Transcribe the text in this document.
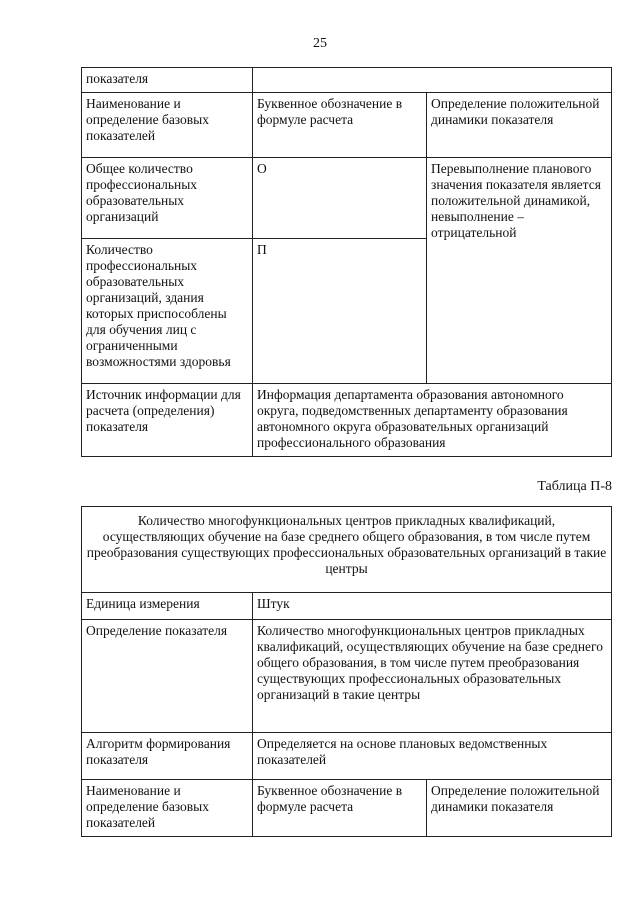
25
показателя		
Наименование и определение базовых показателей	Буквенное обозначение в формуле расчета	Определение положительной динамики показателя
Общее количество профессиональных образовательных организаций	О	Перевыполнение планового значения показателя является положительной динамикой, невыполнение – отрицательной
Количество профессиональных образовательных организаций, здания которых приспособлены для обучения лиц с ограниченными возможностями здоровья	П	
Источник информации для расчета (определения) показателя	Информация департамента образования автономного округа, подведомственных департаменту образования автономного округа образовательных организаций профессионального образования	
Таблица П-8
Количество многофункциональных центров прикладных квалификаций, осуществляющих обучение на базе среднего общего образования, в том числе путем преобразования существующих профессиональных образовательных организаций в такие центры		
Единица измерения	Штук	
Определение показателя	Количество многофункциональных центров прикладных квалификаций, осуществляющих обучение на базе среднего общего образования, в том числе путем преобразования существующих профессиональных образовательных организаций в такие центры	
Алгоритм формирования показателя	Определяется на основе плановых ведомственных показателей	
Наименование и определение базовых показателей	Буквенное обозначение в формуле расчета	Определение положительной динамики показателя
